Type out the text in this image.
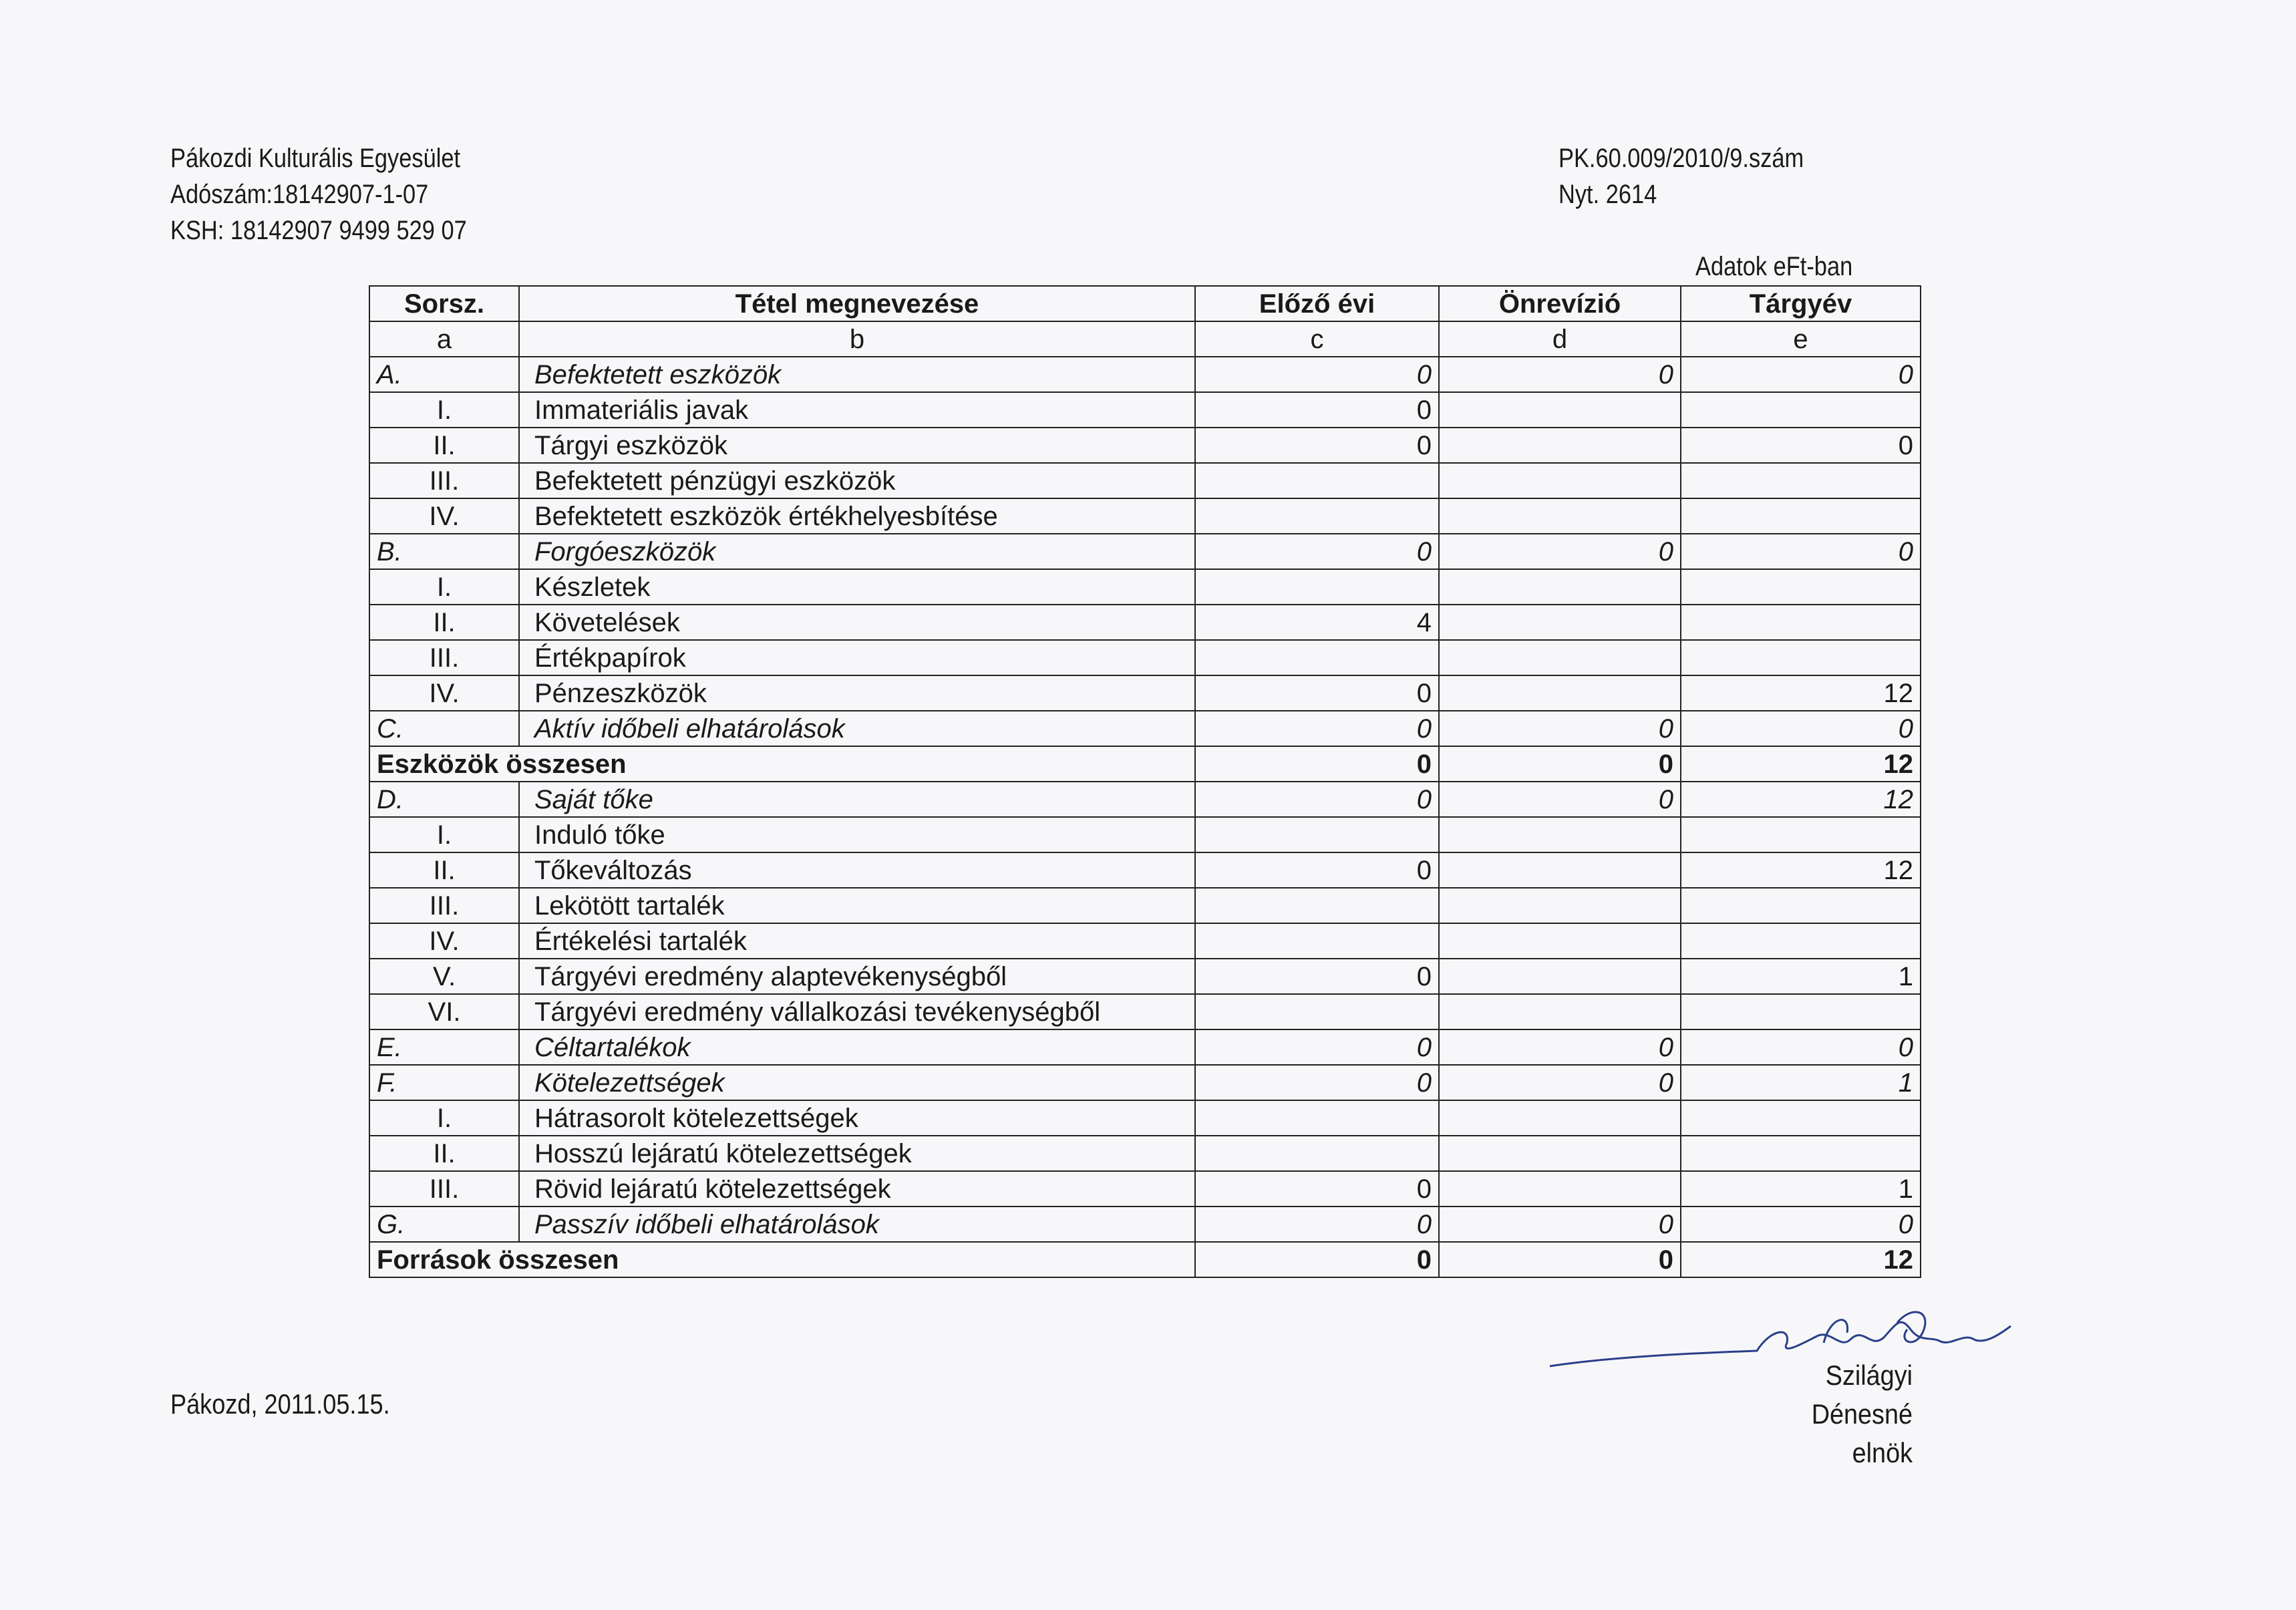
Pákozdi Kulturális Egyesület
Adószám:18142907-1-07
KSH: 18142907 9499 529 07
PK.60.009/2010/9.szám
Nyt. 2614
Adatok eFt-ban
Sorsz.	Tétel megnevezése	Előző évi	Önrevízió	Tárgyév
a	b	c	d	e
A.	Befektetett eszközök	0	0	0
I.	Immateriális javak	0		
II.	Tárgyi eszközök	0		0
III.	Befektetett pénzügyi eszközök			
IV.	Befektetett eszközök értékhelyesbítése			
B.	Forgóeszközök	0	0	0
I.	Készletek			
II.	Követelések	4		
III.	Értékpapírok			
IV.	Pénzeszközök	0		12
C.	Aktív időbeli elhatárolások	0	0	0
Eszközök összesen		0	0	12
D.	Saját tőke	0	0	12
I.	Induló tőke			
II.	Tőkeváltozás	0		12
III.	Lekötött tartalék			
IV.	Értékelési tartalék			
V.	Tárgyévi eredmény alaptevékenységből	0		1
VI.	Tárgyévi eredmény vállalkozási tevékenységből			
E.	Céltartalékok	0	0	0
F.	Kötelezettségek	0	0	1
I.	Hátrasorolt kötelezettségek			
II.	Hosszú lejáratú kötelezettségek			
III.	Rövid lejáratú kötelezettségek	0		1
G.	Passzív időbeli elhatárolások	0	0	0
Források összesen		0	0	12
Pákozd, 2011.05.15.
Szilágyi Dénesné
elnök
